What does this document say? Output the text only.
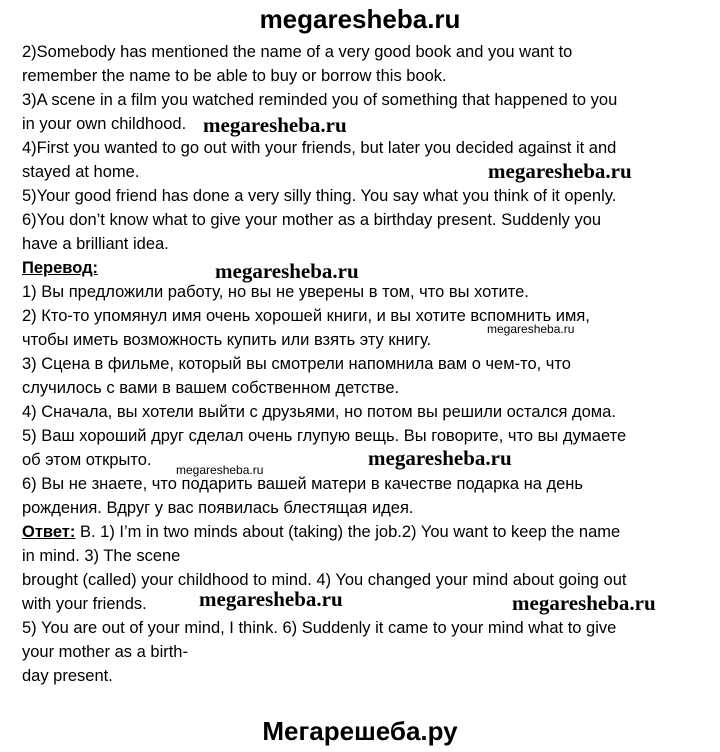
megaresheba.ru
2)Somebody has mentioned the name of a very good book and you want to
remember the name to be able to buy or borrow this book.
3)A scene in a film you watched reminded you of something that happened to you
in your own childhood.
4)First you wanted to go out with your friends, but later you decided against it and
stayed at home.
5)Your good friend has done a very silly thing. You say what you think of it openly.
6)You don’t know what to give your mother as a birthday present. Suddenly you
have a brilliant idea.
Перевод:
1) Вы предложили работу, но вы не уверены в том, что вы хотите.
2) Кто-то упомянул имя очень хорошей книги, и вы хотите вспомнить имя,
чтобы иметь возможность купить или взять эту книгу.
3) Сцена в фильме, который вы смотрели напомнила вам о чем-то, что
случилось с вами в вашем собственном детстве.
4) Сначала, вы хотели выйти с друзьями, но потом вы решили остался дома.
5) Ваш хороший друг сделал очень глупую вещь. Вы говорите, что вы думаете
об этом открыто.
6) Вы не знаете, что подарить вашей матери в качестве подарка на день
рождения. Вдруг у вас появилась блестящая идея.
Ответ: B. 1) I’m in two minds about (taking) the job.2) You want to keep the name
in mind. 3) The scene
brought (called) your childhood to mind. 4) You changed your mind about going out
with your friends.
5) You are out of your mind, I think. 6) Suddenly it came to your mind what to give
your mother as a birth-
day present.
megaresheba.ru
megaresheba.ru
megaresheba.ru
megaresheba.ru
megaresheba.ru	megaresheba.ru
megaresheba.ru	megaresheba.ru
Мегарешеба.ру
